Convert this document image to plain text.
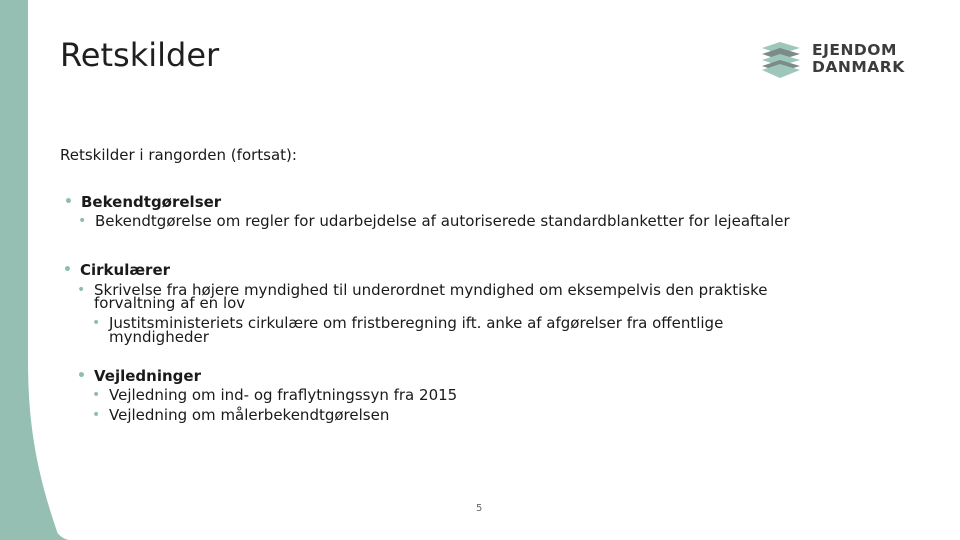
Retskilder	EJENDOM
DANMARK
Retskilder i rangorden (fortsat):
• Bekendtgørelser
• Bekendtgørelse om regler for udarbejdelse af autoriserede standardblanketter for lejeaftaler
• Cirkulærer
• Skrivelse fra højere myndighed til underordnet myndighed om eksempelvis den praktiske
forvaltning af en lov
• Justitsministeriets cirkulære om fristberegning ift. anke af afgørelser fra offentlige
myndigheder
• Vejledninger
• Vejledning om ind- og fraflytningssyn fra 2015
• Vejledning om målerbekendtgørelsen
5
